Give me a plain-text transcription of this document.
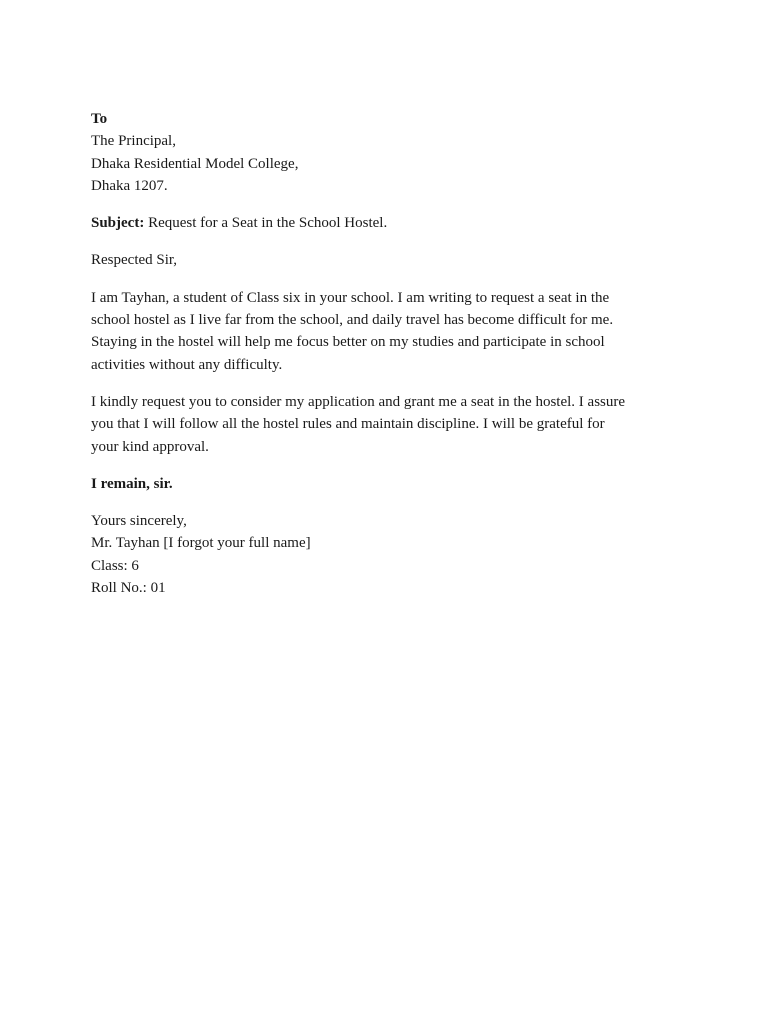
To
The Principal,
Dhaka Residential Model College,
Dhaka 1207.
Subject: Request for a Seat in the School Hostel.
Respected Sir,
I am Tayhan, a student of Class six in your school. I am writing to request a seat in the
school hostel as I live far from the school, and daily travel has become difficult for me.
Staying in the hostel will help me focus better on my studies and participate in school
activities without any difficulty.
I kindly request you to consider my application and grant me a seat in the hostel. I assure
you that I will follow all the hostel rules and maintain discipline. I will be grateful for
your kind approval.
I remain, sir.
Yours sincerely,
Mr. Tayhan [I forgot your full name]
Class: 6
Roll No.: 01
